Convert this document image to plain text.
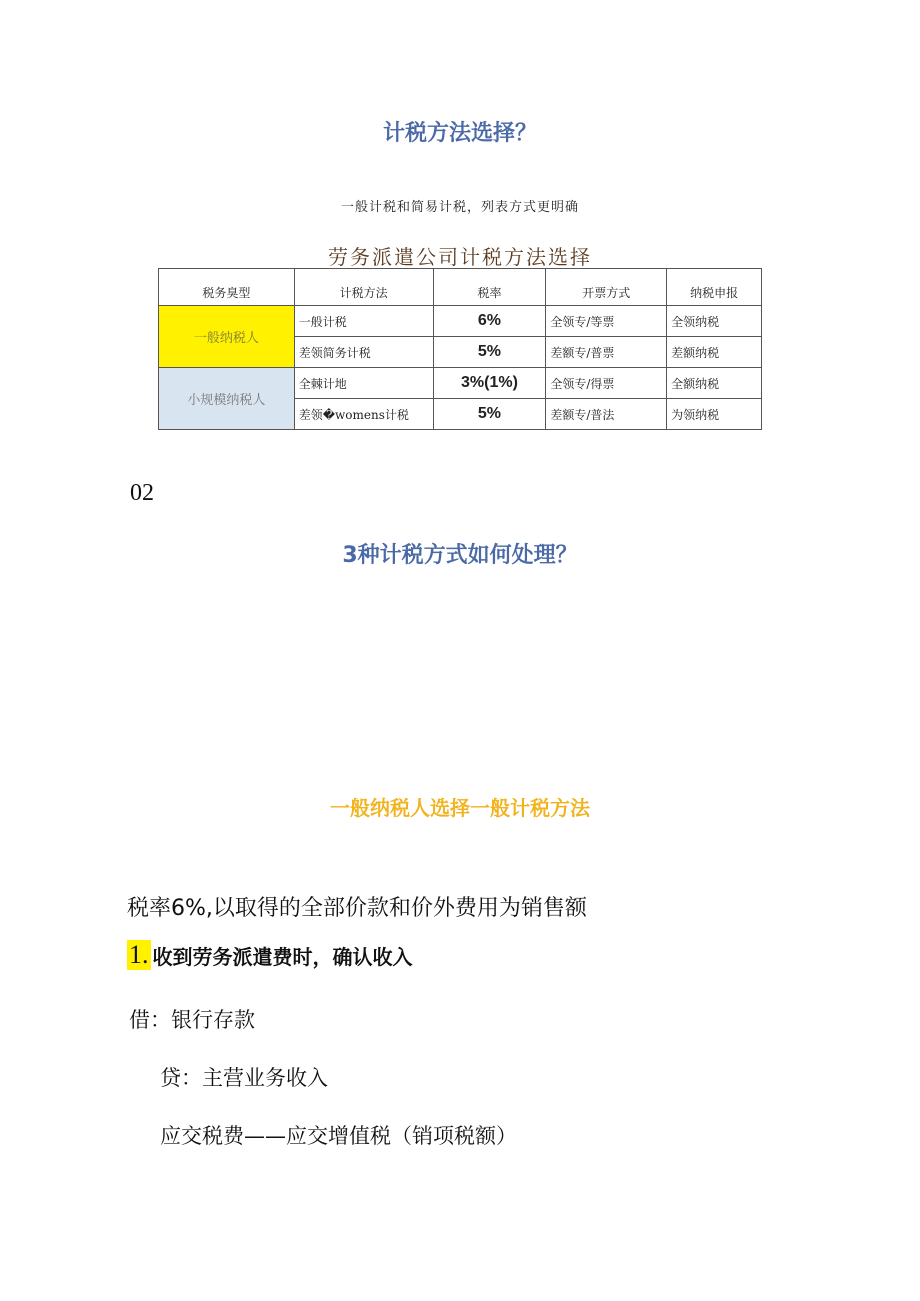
计税方法选择？
一般计税和简易计税，列表方式更明确
劳务派遣公司计税方法选择
税务臭型	计税方法	税率	开票方式	纳税申报
一般纳税人	一般计税	6%	全领专/等票	全领纳税
	差领简务计税	5%	差额专/普票	差额纳税
小规模纳税人	全棘计地	3%(1%)	全领专/得票	全额纳税
	差领�womens计税	5%	差额专/普法	为领纳税
02
3种计税方式如何处理？
一般纳税人选择一般计税方法
税率6%,以取得的全部价款和价外费用为销售额
1. 收到劳务派遣费时，确认收入
借：银行存款
贷：主营业务收入
应交税费——应交增值税（销项税额）
